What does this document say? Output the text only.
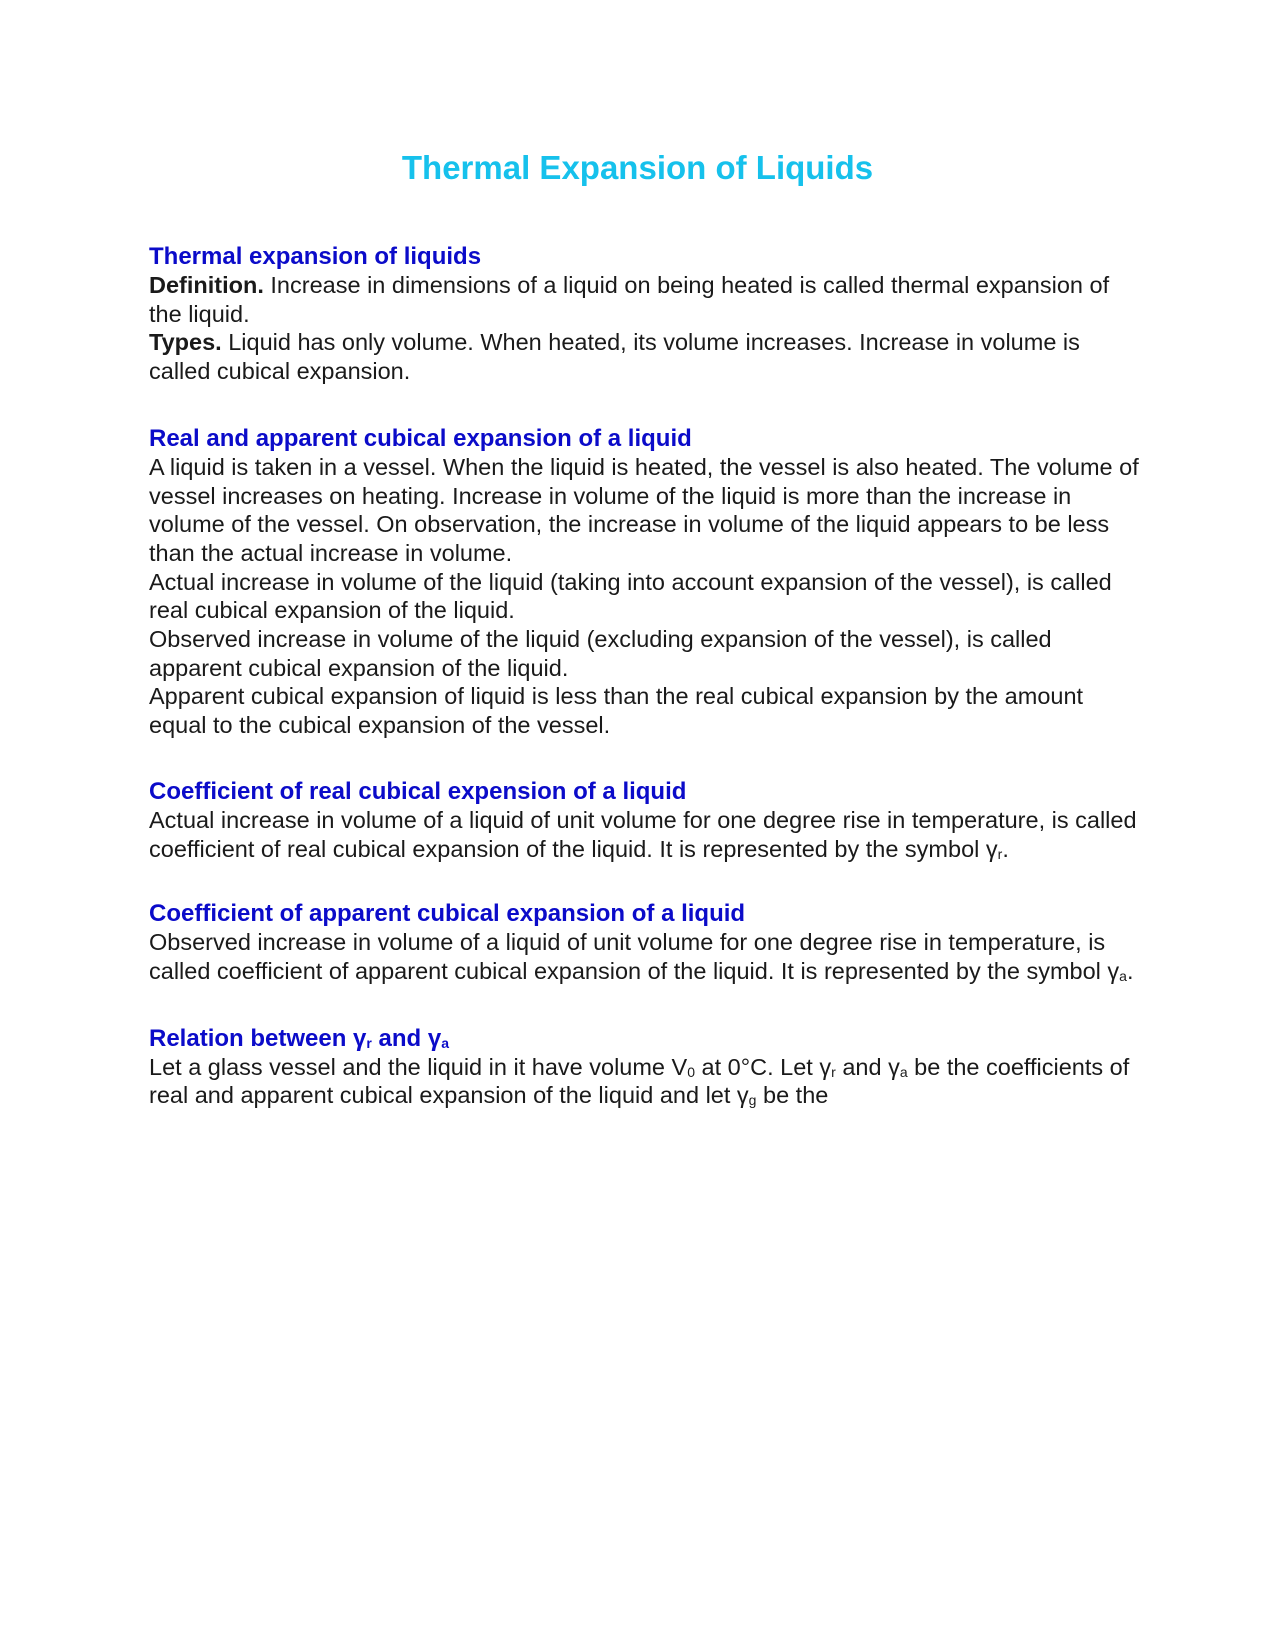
Thermal Expansion of Liquids
Thermal expansion of liquids

Definition. Increase in dimensions of a liquid on being heated is called thermal expansion of the liquid.

Types. Liquid has only volume. When heated, its volume increases. Increase in volume is called cubical expansion.

Real and apparent cubical expansion of a liquid

A liquid is taken in a vessel. When the liquid is heated, the vessel is also heated. The volume of vessel increases on heating. Increase in volume of the liquid is more than the increase in volume of the vessel. On observation, the increase in volume of the liquid appears to be less than the actual increase in volume.

Actual increase in volume of the liquid (taking into account expansion of the vessel), is called real cubical expansion of the liquid.

Observed increase in volume of the liquid (excluding expansion of the vessel), is called apparent cubical expansion of the liquid.

Apparent cubical expansion of liquid is less than the real cubical expansion by the amount equal to the cubical expansion of the vessel.

Coefficient of real cubical expension of a liquid

Actual increase in volume of a liquid of unit volume for one degree rise in temperature, is called coefficient of real cubical expansion of the liquid. It is represented by the symbol $\gamma_r$.

Coefficient of apparent cubical expansion of a liquid

Observed increase in volume of a liquid of unit volume for one degree rise in temperature, is called coefficient of apparent cubical expansion of the liquid. It is represented by the symbol $\gamma_a$.

Relation between $\gamma_r$ and $\gamma_a$

Let a glass vessel and the liquid in it have volume $V_0$ at 0°C. Let $\gamma_r$ and $\gamma_a$ be the coefficients of real and apparent cubical expansion of the liquid and let $\gamma_g$ be the
